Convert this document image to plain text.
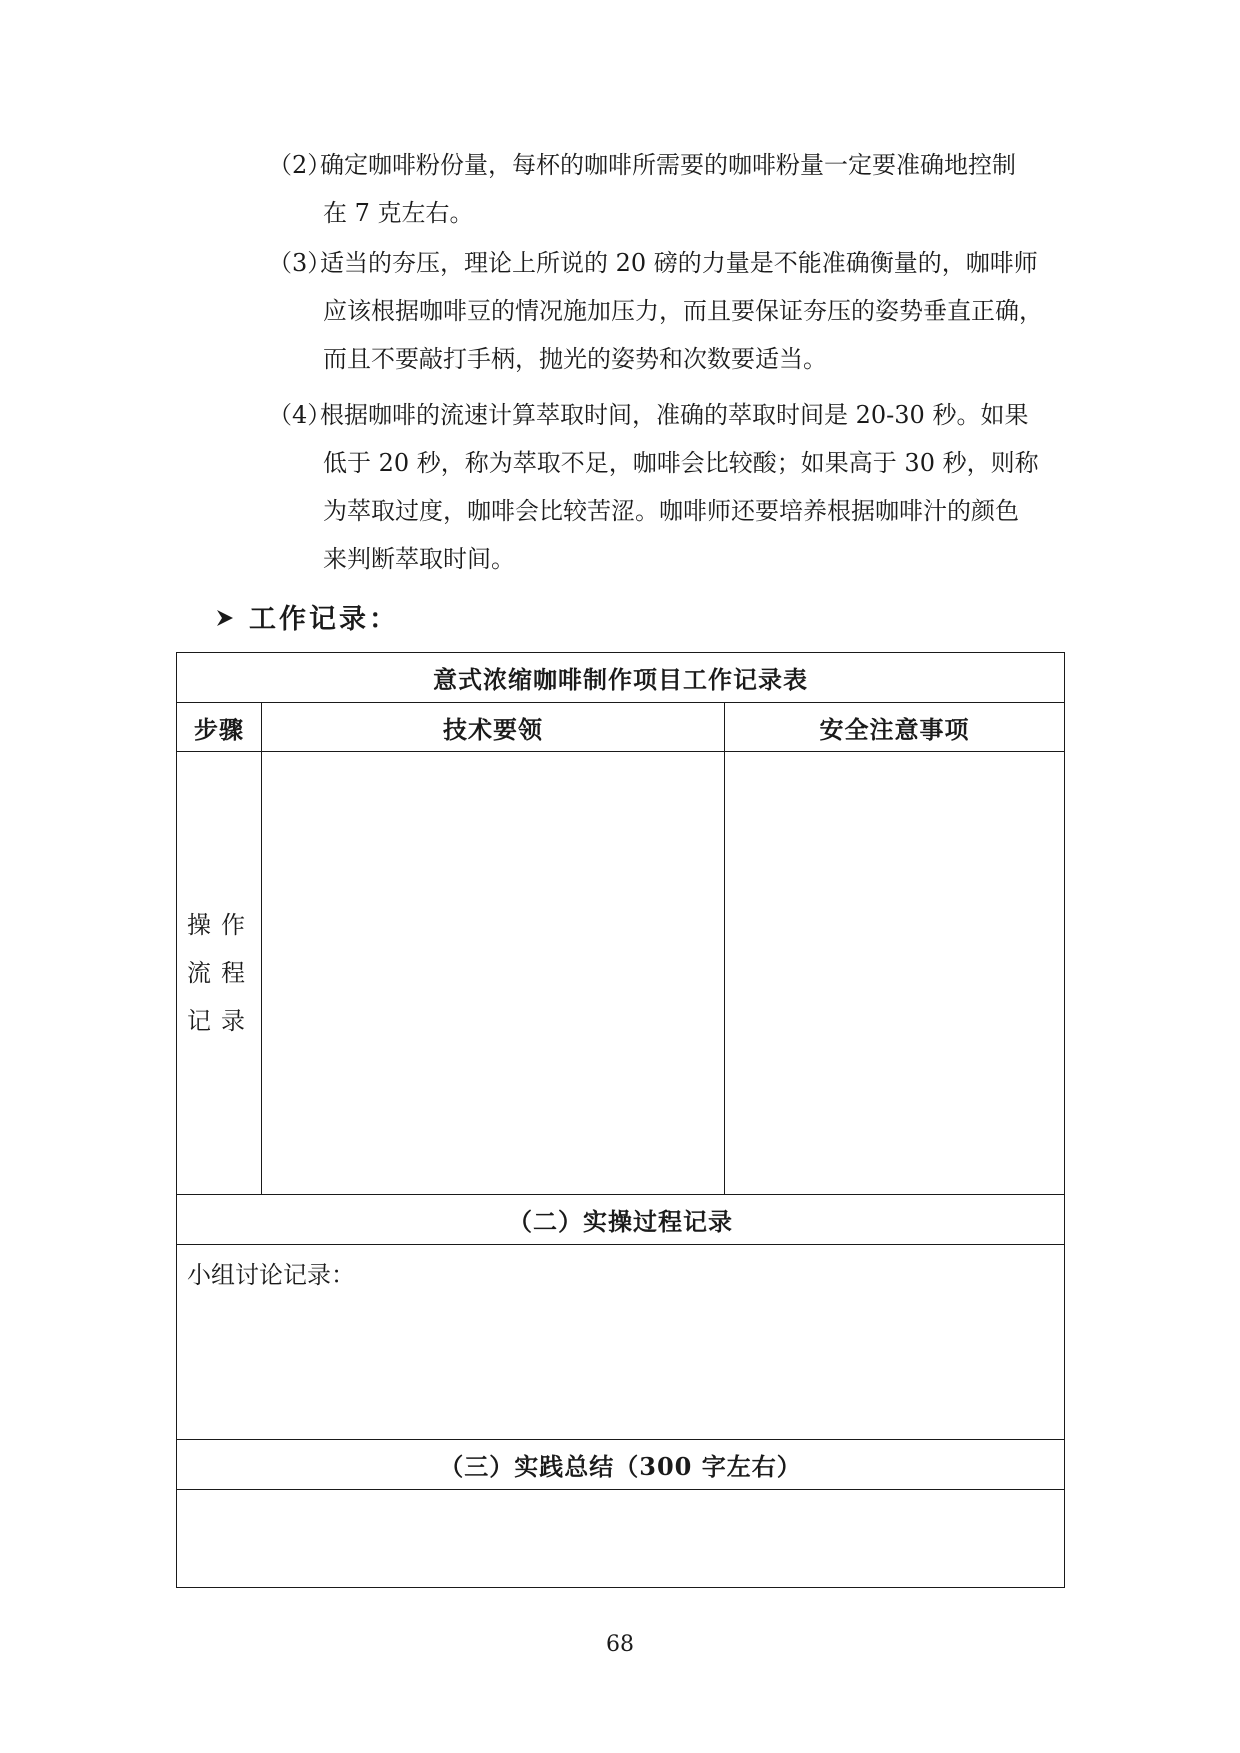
（2）
确定咖啡粉份量，每杯的咖啡所需要的咖啡粉量一定要准确地控制
在 7 克左右。
（3）
适当的夯压，理论上所说的 20 磅的力量是不能准确衡量的，咖啡师
应该根据咖啡豆的情况施加压力，而且要保证夯压的姿势垂直正确，
而且不要敲打手柄，抛光的姿势和次数要适当。
（4）
根据咖啡的流速计算萃取时间，准确的萃取时间是 20-30 秒。如果
低于 20 秒，称为萃取不足，咖啡会比较酸；如果高于 30 秒，则称
为萃取过度，咖啡会比较苦涩。咖啡师还要培养根据咖啡汁的颜色
来判断萃取时间。
工作记录：
意式浓缩咖啡制作项目工作记录表		
步骤	技术要领	安全注意事项

操作
流程
记录		

（二）实操过程记录		
小组讨论记录：		
（三）实践总结（300 字左右）		

68
